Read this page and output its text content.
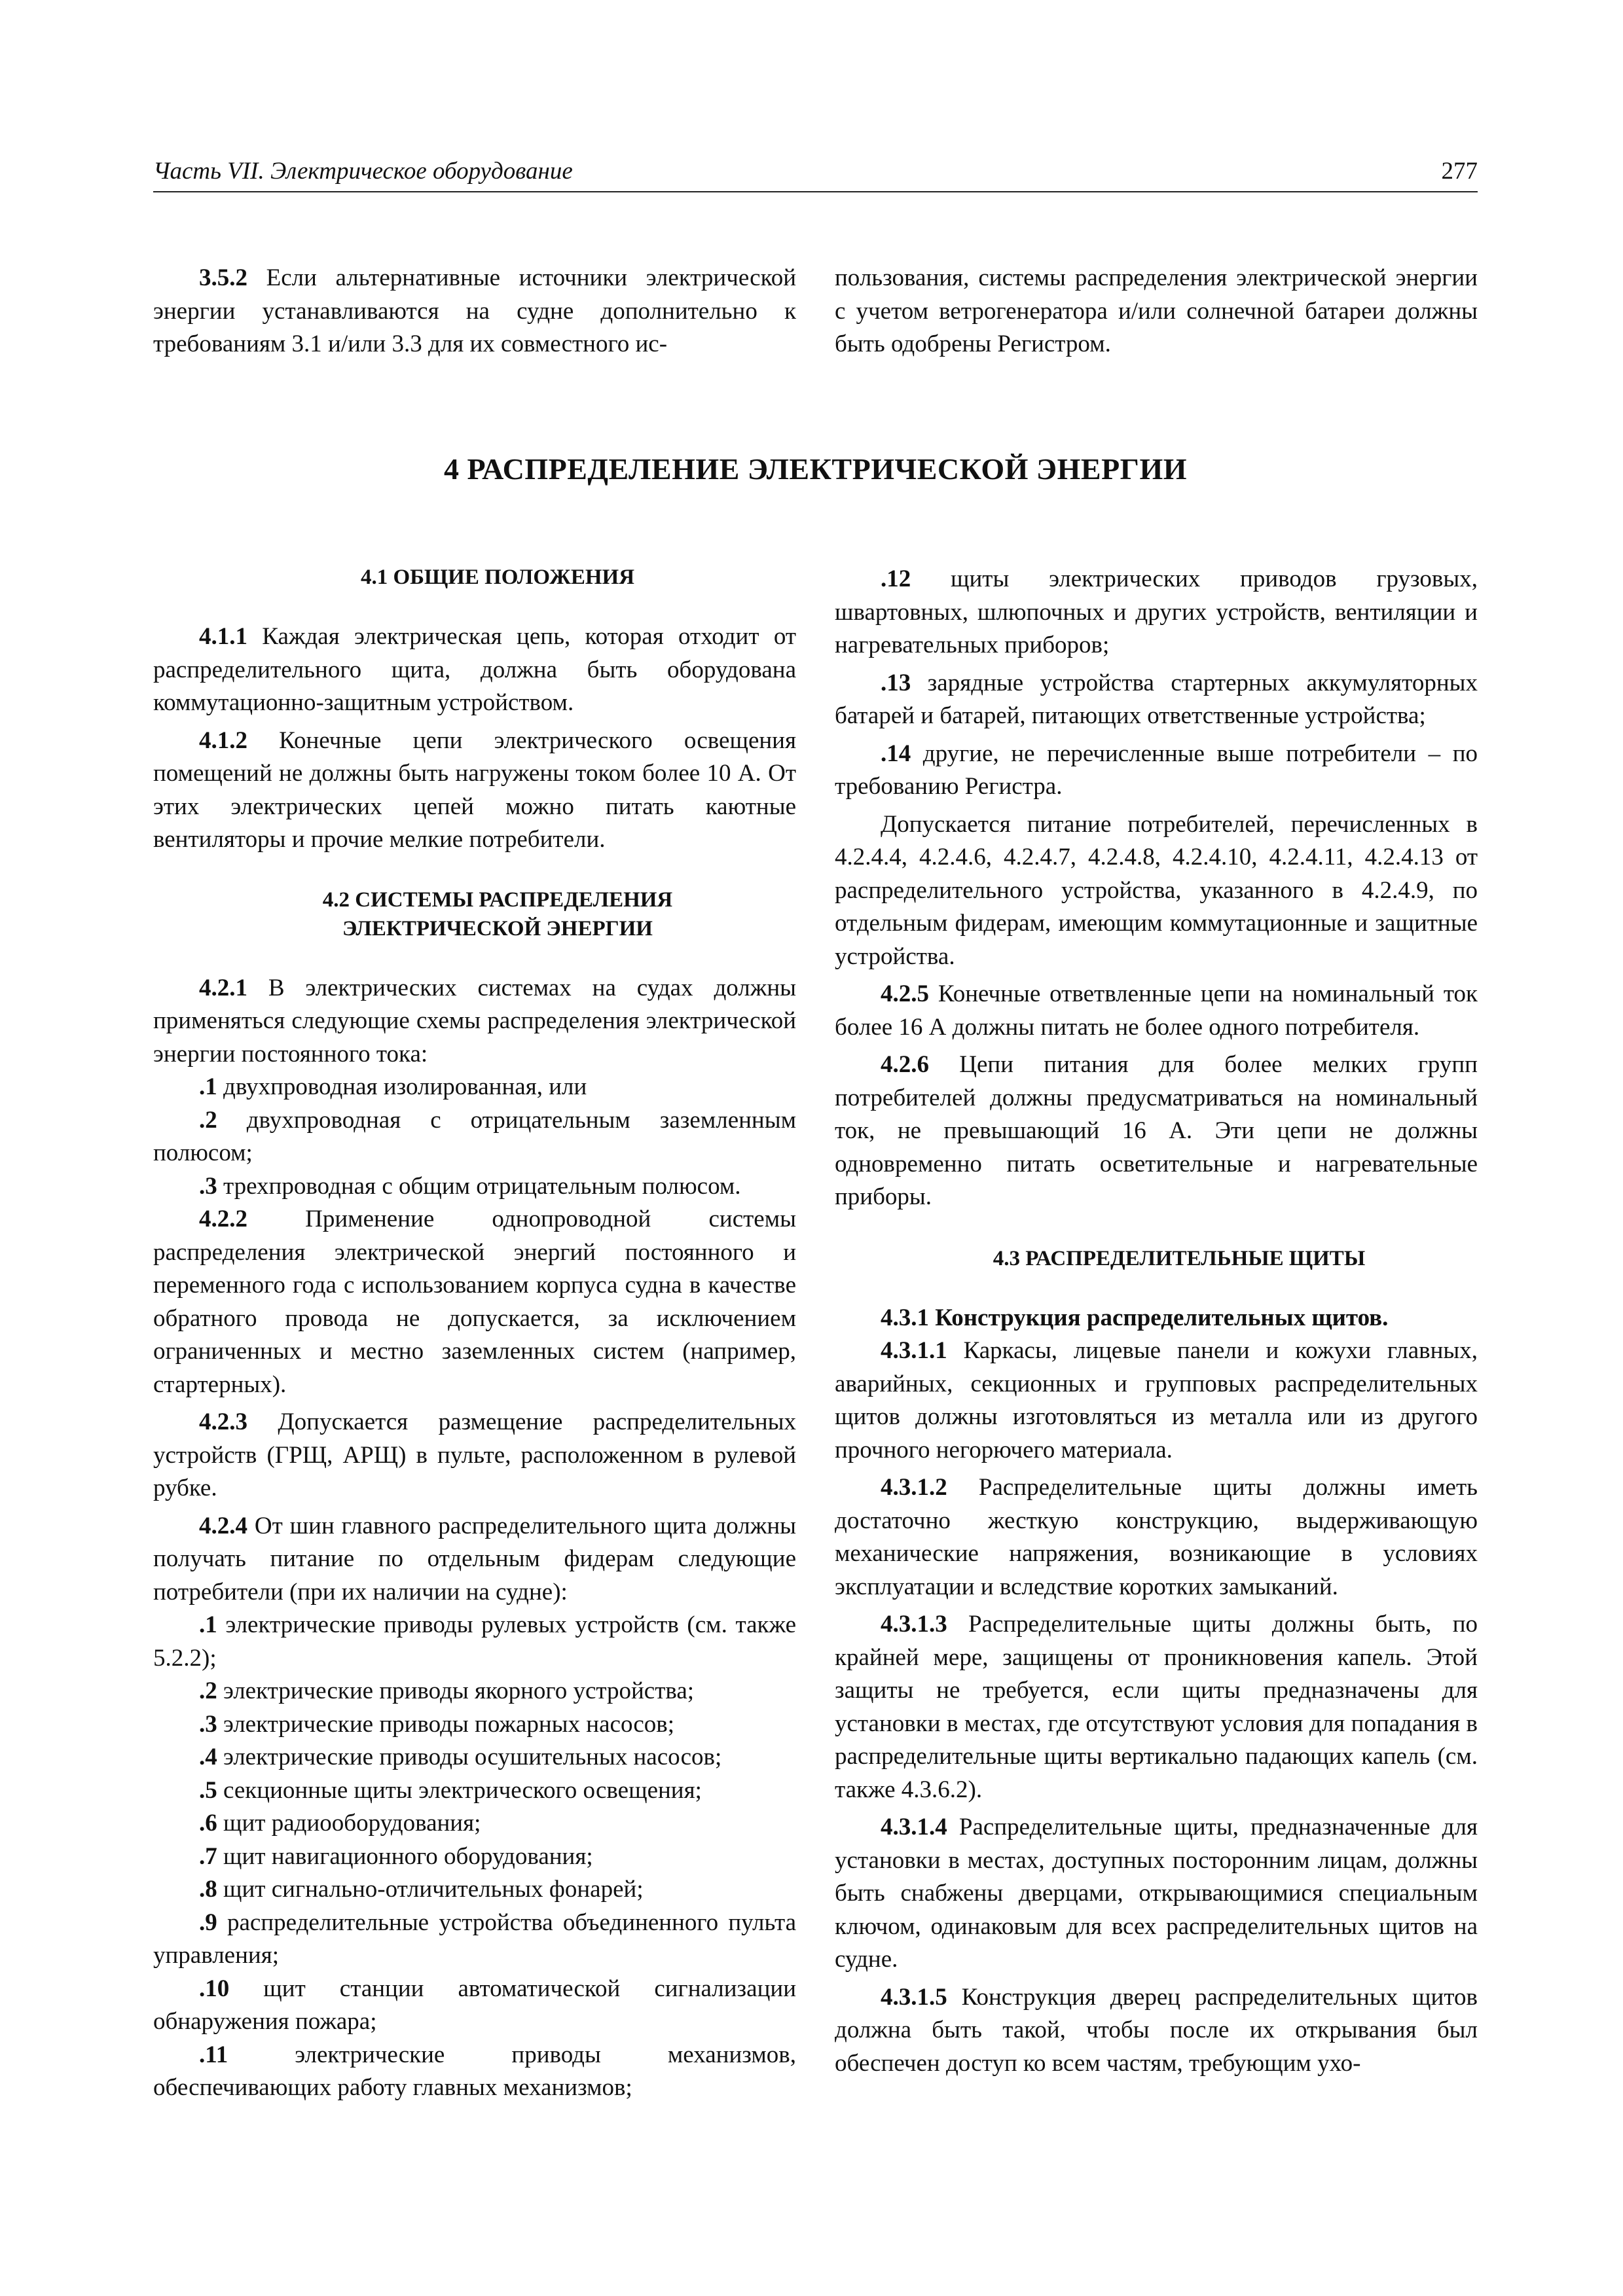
Часть VII. Электрическое оборудование	277

3.5.2 Если альтернативные источники электрической энергии устанавливаются на судне дополнительно к требованиям 3.1 и/или 3.3 для их совместного ис-

пользования, системы распределения электрической энергии с учетом ветрогенератора и/или солнечной батареи должны быть одобрены Регистром.

4 РАСПРЕДЕЛЕНИЕ ЭЛЕКТРИЧЕСКОЙ ЭНЕРГИИ

4.1 ОБЩИЕ ПОЛОЖЕНИЯ

4.1.1 Каждая электрическая цепь, которая отходит от распределительного щита, должна быть оборудована коммутационно-защитным устройством.

4.1.2 Конечные цепи электрического освещения помещений не должны быть нагружены током более 10 А. От этих электрических цепей можно питать каютные вентиляторы и прочие мелкие потребители.

4.2 СИСТЕМЫ РАСПРЕДЕЛЕНИЯ

ЭЛЕКТРИЧЕСКОЙ ЭНЕРГИИ

4.2.1 В электрических системах на судах должны применяться следующие схемы распределения электрической энергии постоянного тока:

.1 двухпроводная изолированная, или

.2 двухпроводная с отрицательным заземленным полюсом;

.3 трехпроводная с общим отрицательным полюсом.

4.2.2 Применение однопроводной системы распределения электрической энергий постоянного и переменного года с использованием корпуса судна в качестве обратного провода не допускается, за исключением ограниченных и местно заземленных систем (например, стартерных).

4.2.3 Допускается размещение распределительных устройств (ГРЩ, АРЩ) в пульте, расположенном в рулевой рубке.

4.2.4 От шин главного распределительного щита должны получать питание по отдельным фидерам следующие потребители (при их наличии на судне):

.1 электрические приводы рулевых устройств (см. также 5.2.2);

.2 электрические приводы якорного устройства;

.3 электрические приводы пожарных насосов;

.4 электрические приводы осушительных насосов;

.5 секционные щиты электрического освещения;

.6 щит радиооборудования;

.7 щит навигационного оборудования;

.8 щит сигнально-отличительных фонарей;

.9 распределительные устройства объединенного пульта управления;

.10 щит станции автоматической сигнализации обнаружения пожара;

.11 электрические приводы механизмов, обеспечивающих работу главных механизмов;

.12 щиты электрических приводов грузовых, швартовных, шлюпочных и других устройств, вентиляции и нагревательных приборов;

.13 зарядные устройства стартерных аккумуляторных батарей и батарей, питающих ответственные устройства;

.14 другие, не перечисленные выше потребители – по требованию Регистра.

Допускается питание потребителей, перечисленных в 4.2.4.4, 4.2.4.6, 4.2.4.7, 4.2.4.8, 4.2.4.10, 4.2.4.11, 4.2.4.13 от распределительного устройства, указанного в 4.2.4.9, по отдельным фидерам, имеющим коммутационные и защитные устройства.

4.2.5 Конечные ответвленные цепи на номинальный ток более 16 А должны питать не более одного потребителя.

4.2.6 Цепи питания для более мелких групп потребителей должны предусматриваться на номинальный ток, не превышающий 16 А. Эти цепи не должны одновременно питать осветительные и нагревательные приборы.

4.3 РАСПРЕДЕЛИТЕЛЬНЫЕ ЩИТЫ

4.3.1 Конструкция распределительных щитов.

4.3.1.1 Каркасы, лицевые панели и кожухи главных, аварийных, секционных и групповых распределительных щитов должны изготовляться из металла или из другого прочного негорючего материала.

4.3.1.2 Распределительные щиты должны иметь достаточно жесткую конструкцию, выдерживающую механические напряжения, возникающие в условиях эксплуатации и вследствие коротких замыканий.

4.3.1.3 Распределительные щиты должны быть, по крайней мере, защищены от проникновения капель. Этой защиты не требуется, если щиты предназначены для установки в местах, где отсутствуют условия для попадания в распределительные щиты вертикально падающих капель (см. также 4.3.6.2).

4.3.1.4 Распределительные щиты, предназначенные для установки в местах, доступных посторонним лицам, должны быть снабжены дверцами, открывающимися специальным ключом, одинаковым для всех распределительных щитов на судне.

4.3.1.5 Конструкция дверец распределительных щитов должна быть такой, чтобы после их открывания был обеспечен доступ ко всем частям, требующим ухо-
